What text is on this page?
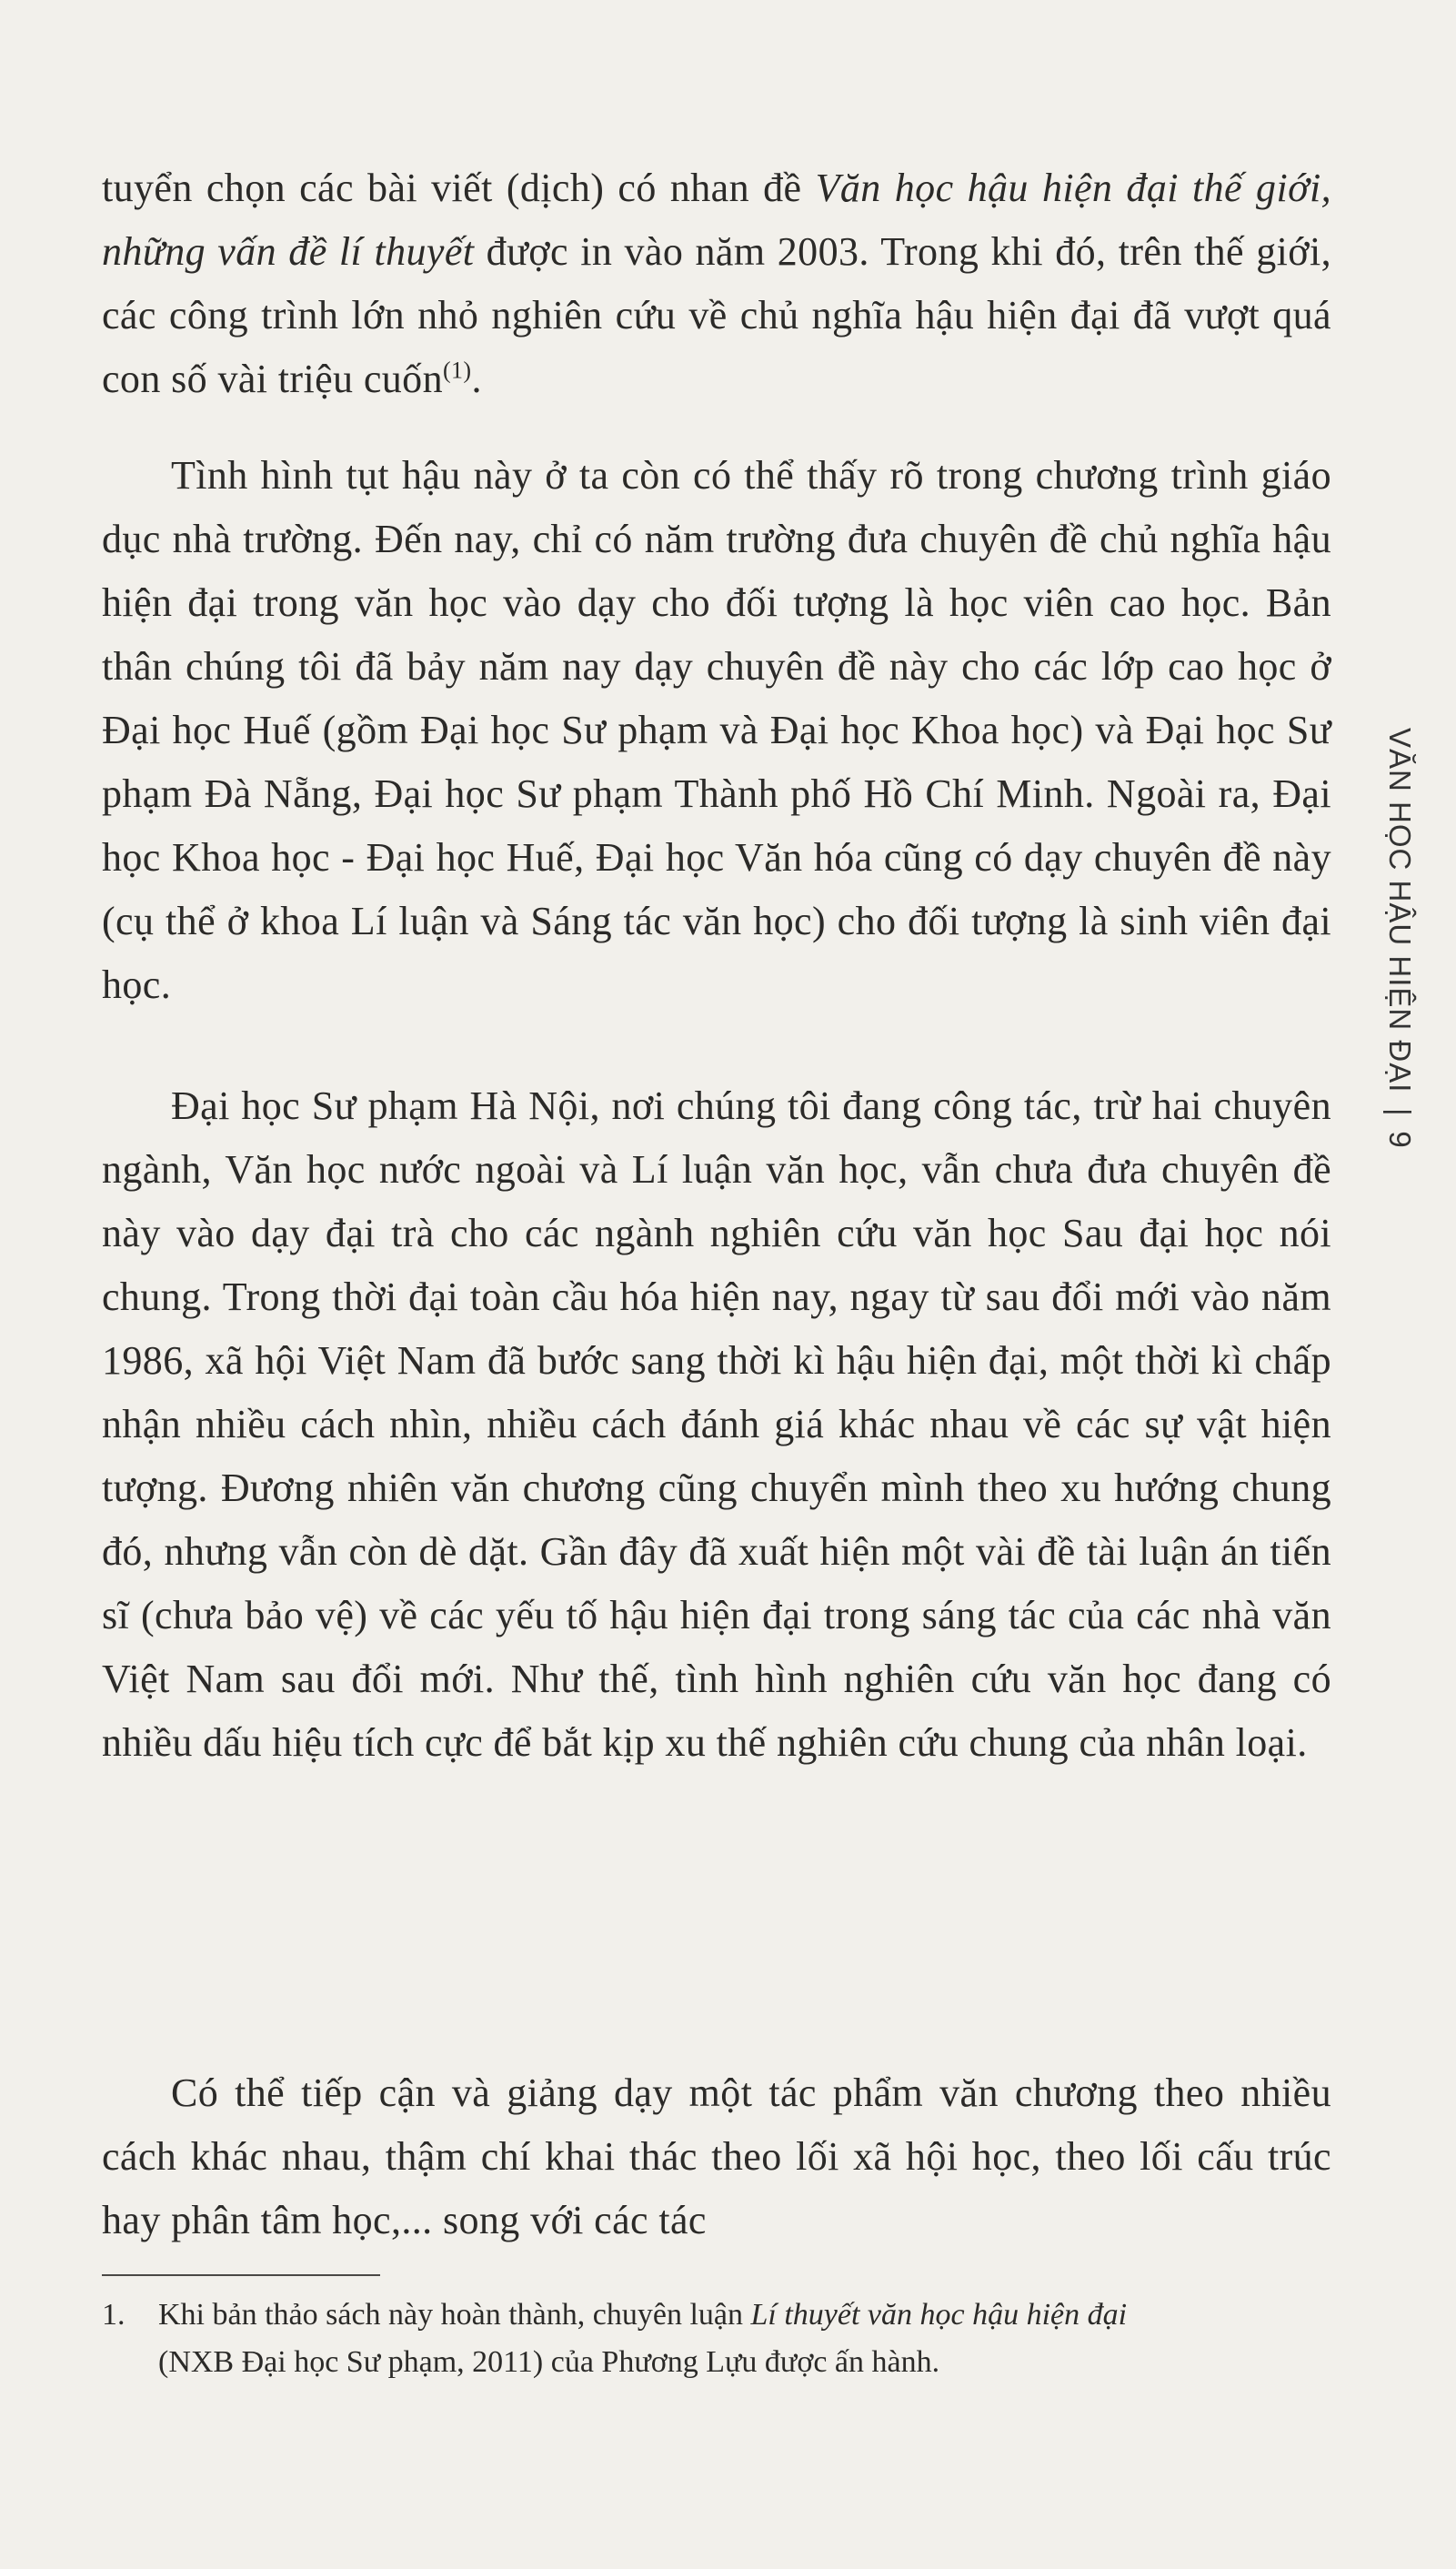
tuyển chọn các bài viết (dịch) có nhan đề Văn học hậu hiện đại thế giới, những vấn đề lí thuyết được in vào năm 2003. Trong khi đó, trên thế giới, các công trình lớn nhỏ nghiên cứu về chủ nghĩa hậu hiện đại đã vượt quá con số vài triệu cuốn$^{(1)}$.

Tình hình tụt hậu này ở ta còn có thể thấy rõ trong chương trình giáo dục nhà trường. Đến nay, chỉ có năm trường đưa chuyên đề chủ nghĩa hậu hiện đại trong văn học vào dạy cho đối tượng là học viên cao học. Bản thân chúng tôi đã bảy năm nay dạy chuyên đề này cho các lớp cao học ở Đại học Huế (gồm Đại học Sư phạm và Đại học Khoa học) và Đại học Sư phạm Đà Nẵng, Đại học Sư phạm Thành phố Hồ Chí Minh. Ngoài ra, Đại học Khoa học - Đại học Huế, Đại học Văn hóa cũng có dạy chuyên đề này (cụ thể ở khoa Lí luận và Sáng tác văn học) cho đối tượng là sinh viên đại học.

Đại học Sư phạm Hà Nội, nơi chúng tôi đang công tác, trừ hai chuyên ngành, Văn học nước ngoài và Lí luận văn học, vẫn chưa đưa chuyên đề này vào dạy đại trà cho các ngành nghiên cứu văn học Sau đại học nói chung. Trong thời đại toàn cầu hóa hiện nay, ngay từ sau đổi mới vào năm 1986, xã hội Việt Nam đã bước sang thời kì hậu hiện đại, một thời kì chấp nhận nhiều cách nhìn, nhiều cách đánh giá khác nhau về các sự vật hiện tượng. Đương nhiên văn chương cũng chuyển mình theo xu hướng chung đó, nhưng vẫn còn dè dặt. Gần đây đã xuất hiện một vài đề tài luận án tiến sĩ (chưa bảo vệ) về các yếu tố hậu hiện đại trong sáng tác của các nhà văn Việt Nam sau đổi mới. Như thế, tình hình nghiên cứu văn học đang có nhiều dấu hiệu tích cực để bắt kịp xu thế nghiên cứu chung của nhân loại.

Có thể tiếp cận và giảng dạy một tác phẩm văn chương theo nhiều cách khác nhau, thậm chí khai thác theo lối xã hội học, theo lối cấu trúc hay phân tâm học,... song với các tác

1. Khi bản thảo sách này hoàn thành, chuyên luận Lí thuyết văn học hậu hiện đại
(NXB Đại học Sư phạm, 2011) của Phương Lựu được ấn hành.

VĂN HỌC HẬU HIỆN ĐẠI | 9
